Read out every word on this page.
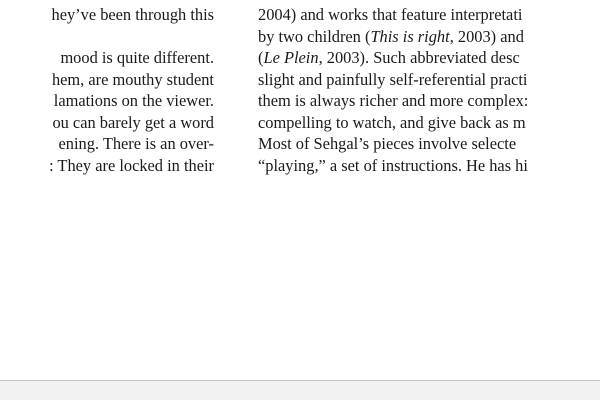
hey’ve been through this
mood is quite different.
hem, are mouthy student
lamations on the viewer.
ou can barely get a word
ening. There is an over-
: They are locked in their
2004) and works that feature interpretati
by two children (This is right, 2003) and
(Le Plein, 2003). Such abbreviated desc
slight and painfully self-referential practi
them is always richer and more complex:
compelling to watch, and give back as m
Most of Sehgal’s pieces involve selecte
“playing,” a set of instructions. He has hi
